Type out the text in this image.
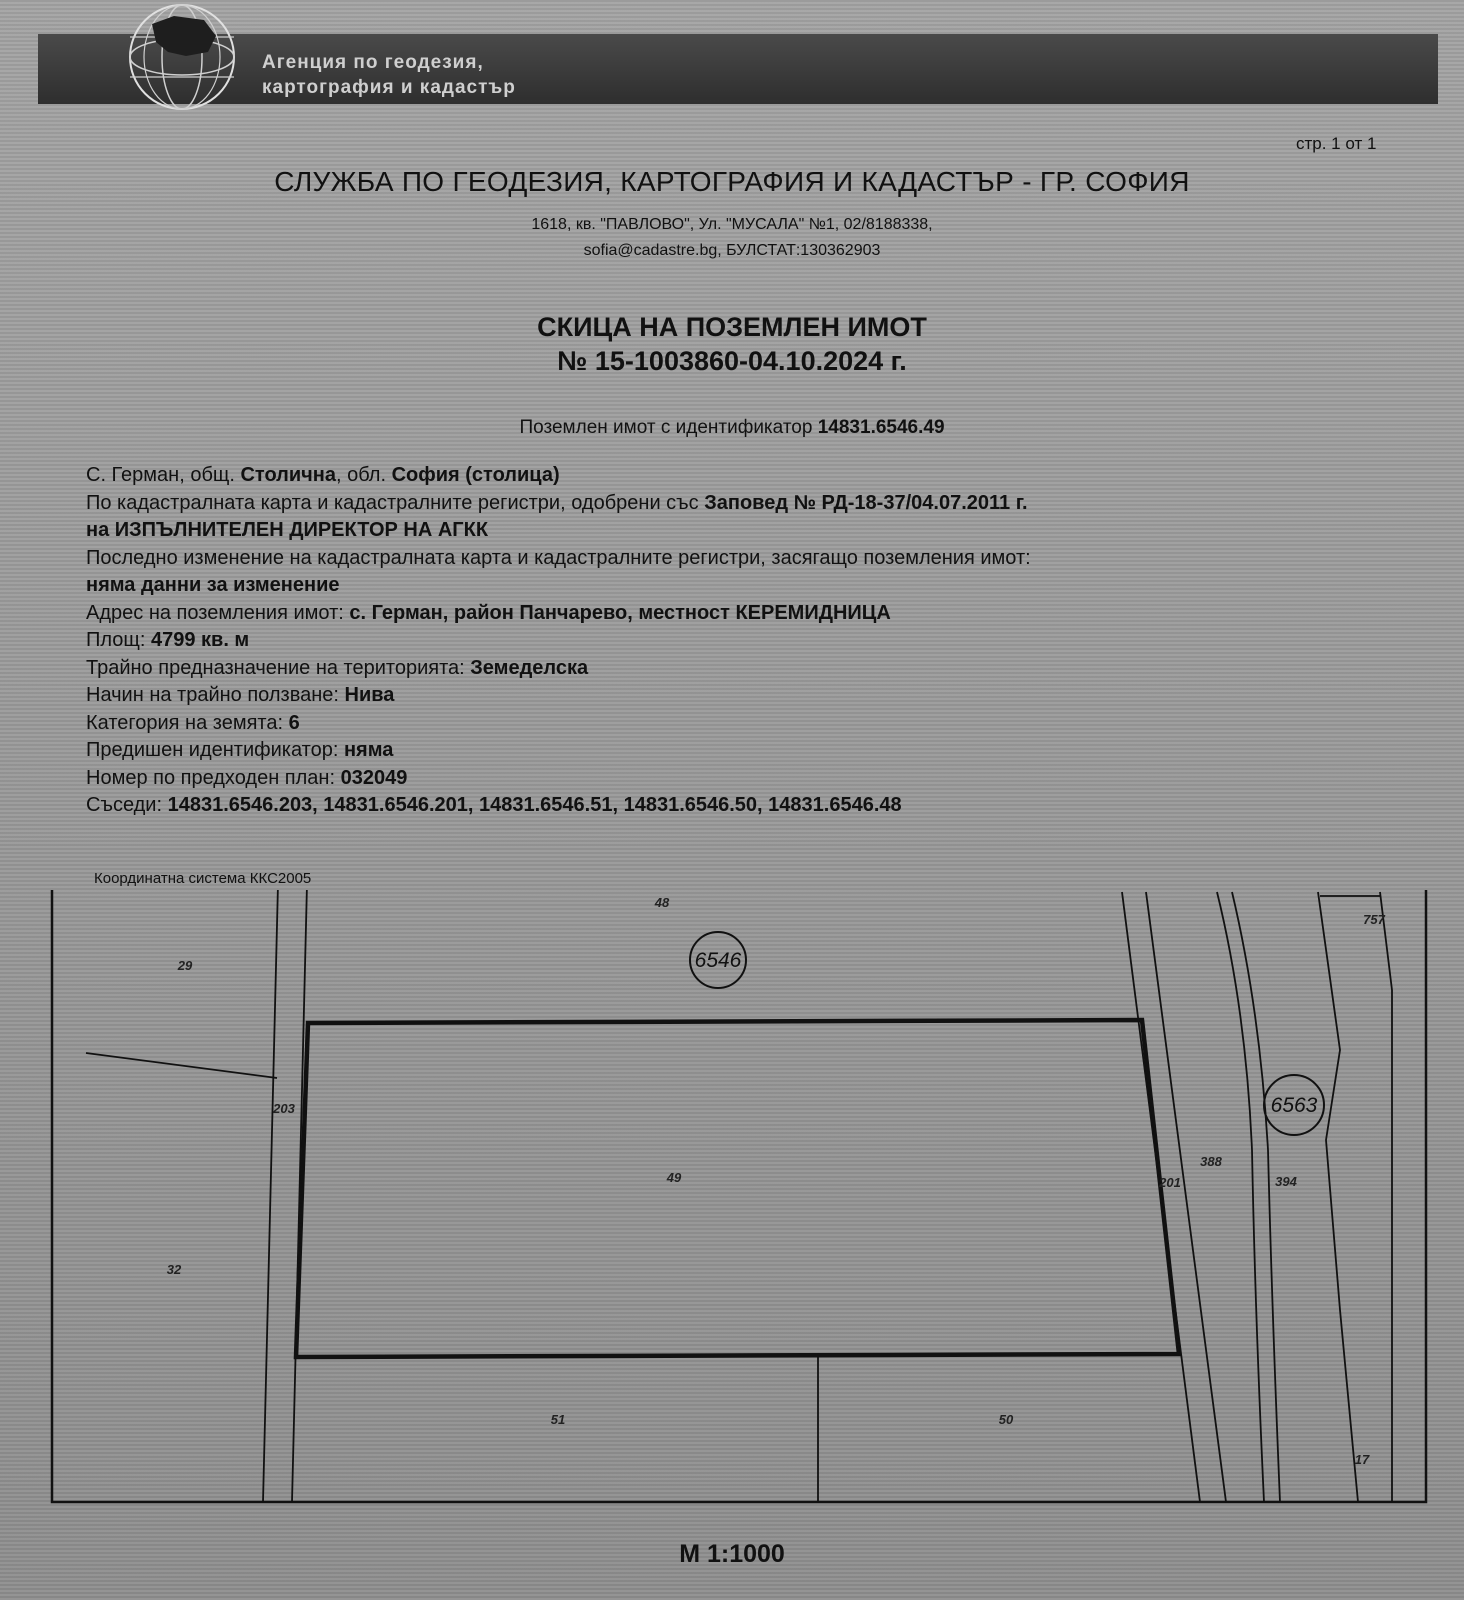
Агенция по геодезия,
картография и кадастър
стр. 1 от 1
СЛУЖБА ПО ГЕОДЕЗИЯ, КАРТОГРАФИЯ И КАДАСТЪР - ГР. СОФИЯ
1618, кв. "ПАВЛОВО", Ул. "МУСАЛА" №1, 02/8188338,
sofia@cadastre.bg, БУЛСТАТ:130362903
СКИЦА НА ПОЗЕМЛЕН ИМОТ
№ 15-1003860-04.10.2024 г.
Поземлен имот с идентификатор 14831.6546.49
С. Герман, общ. Столична, обл. София (столица)
По кадастралната карта и кадастралните регистри, одобрени със Заповед № РД-18-37/04.07.2011 г.
на ИЗПЪЛНИТЕЛЕН ДИРЕКТОР НА АГКК
Последно изменение на кадастралната карта и кадастралните регистри, засягащо поземления имот:
няма данни за изменение
Адрес на поземления имот: с. Герман, район Панчарево, местност КЕРЕМИДНИЦА
Площ: 4799 кв. м
Трайно предназначение на територията: Земеделска
Начин на трайно ползване: Нива
Категория на земята: 6
Предишен идентификатор: няма
Номер по предходен план: 032049
Съседи: 14831.6546.203, 14831.6546.201, 14831.6546.51, 14831.6546.50, 14831.6546.48
Координатна система ККС2005
6546
6563
48
29
203
49
32
51	50
201
388
394
757
17
М 1:1000
